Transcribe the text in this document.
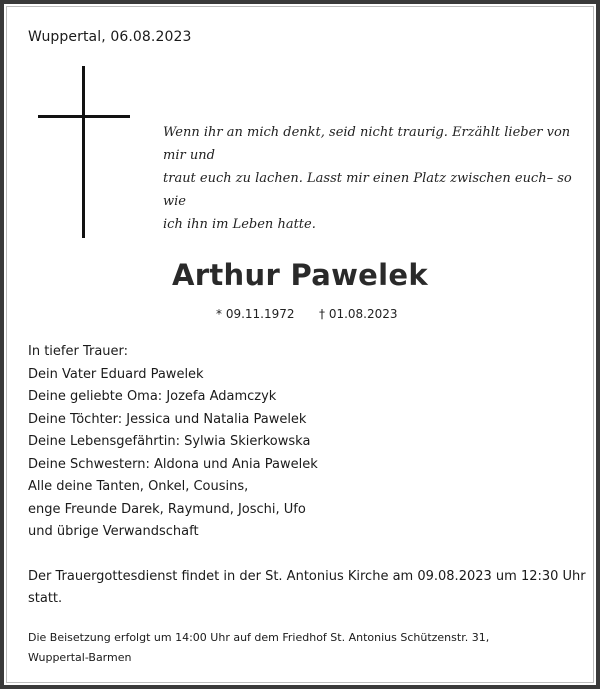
Wuppertal, 06.08.2023
Wenn ihr an mich denkt, seid nicht traurig. Erzählt lieber von mir und
traut euch zu lachen. Lasst mir einen Platz zwischen euch– so wie
ich ihn im Leben hatte.
Arthur Pawelek
* 09.11.1972 † 01.08.2023
In tiefer Trauer:
Dein Vater Eduard Pawelek
Deine geliebte Oma: Jozefa Adamczyk
Deine Töchter: Jessica und Natalia Pawelek
Deine Lebensgefährtin: Sylwia Skierkowska
Deine Schwestern: Aldona und Ania Pawelek
Alle deine Tanten, Onkel, Cousins,
enge Freunde Darek, Raymund, Joschi, Ufo
und übrige Verwandschaft
Der Trauergottesdienst findet in der St. Antonius Kirche am 09.08.2023 um 12:30 Uhr statt.
Die Beisetzung erfolgt um 14:00 Uhr auf dem Friedhof St. Antonius Schützenstr. 31,
Wuppertal-Barmen
